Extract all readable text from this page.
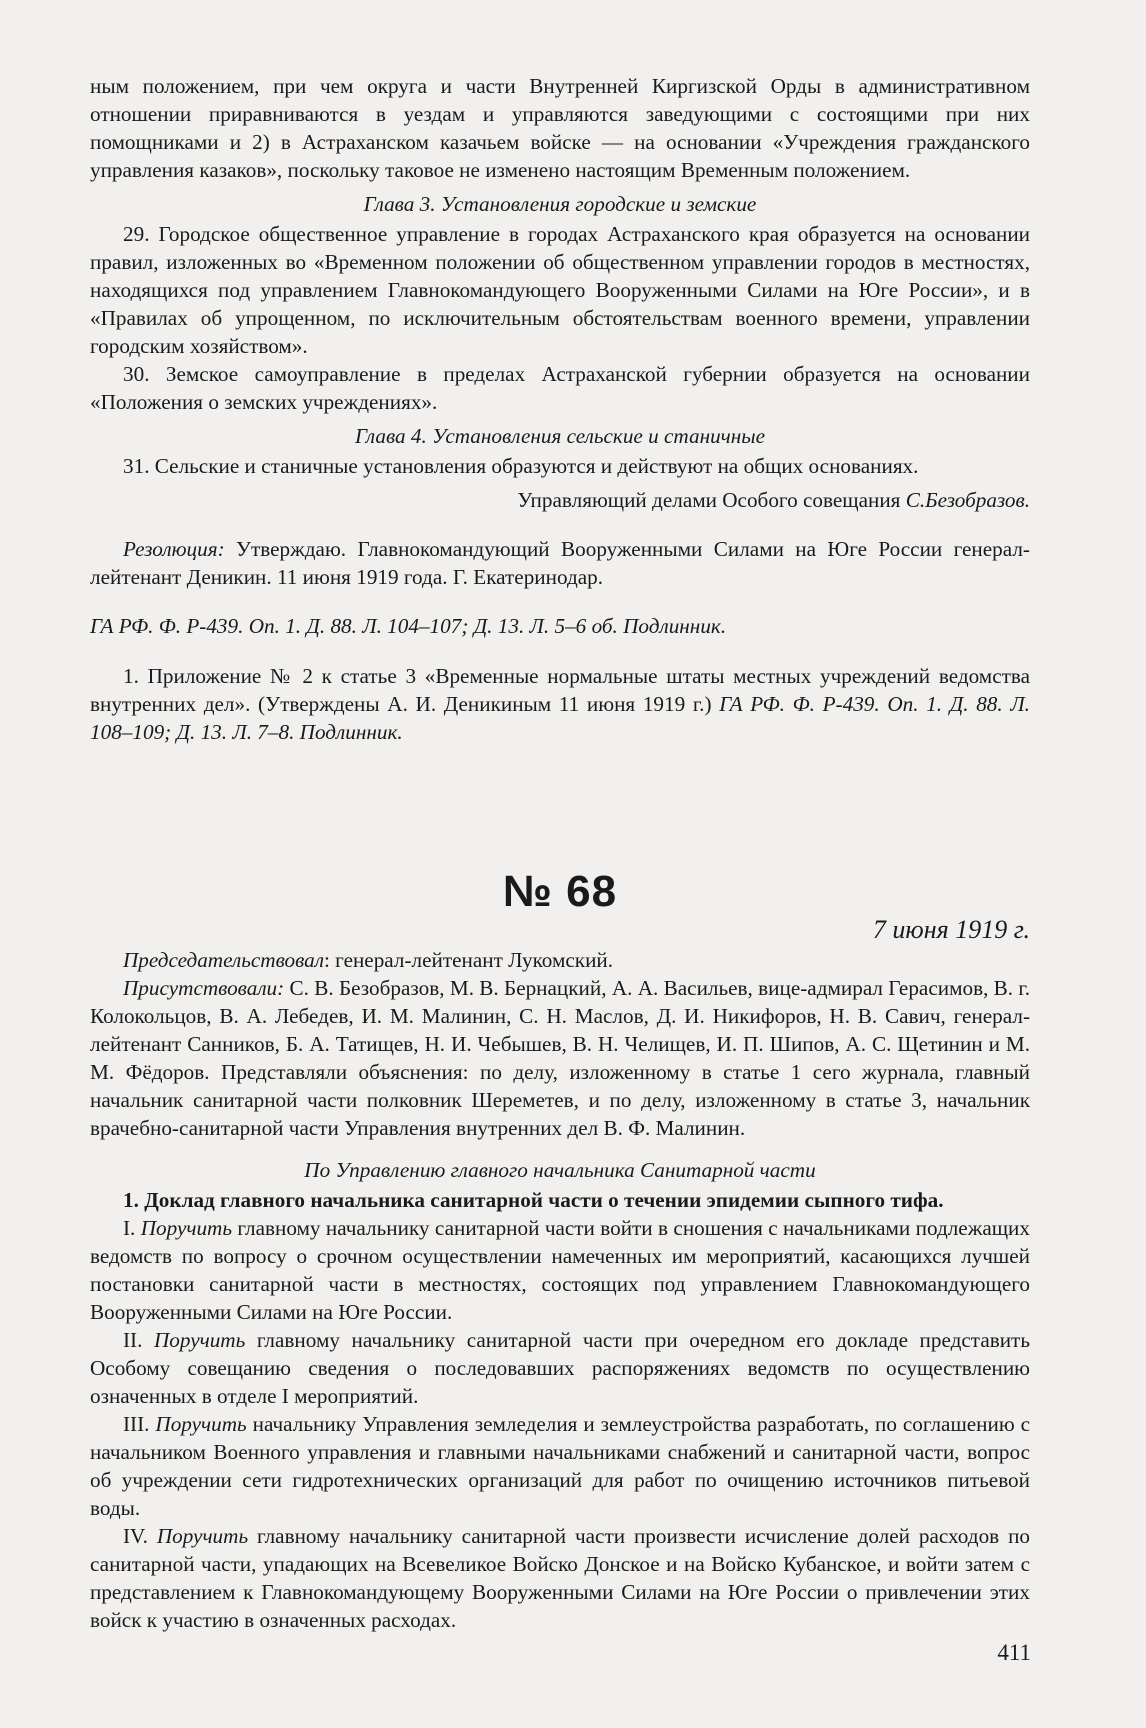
ным положением, при чем округа и части Внутренней Киргизской Орды в административном отношении приравниваются в уездам и управляются заведующими с состоящими при них помощниками и 2) в Астраханском казачьем войске — на основании «Учреждения гражданского управления казаков», поскольку таковое не изменено настоящим Временным положением.

Глава 3. Установления городские и земские

29. Городское общественное управление в городах Астраханского края образуется на основании правил, изложенных во «Временном положении об общественном управлении городов в местностях, находящихся под управлением Главнокомандующего Вооруженными Силами на Юге России», и в «Правилах об упрощенном, по исключительным обстоятельствам военного времени, управлении городским хозяйством».

30. Земское самоуправление в пределах Астраханской губернии образуется на основании «Положения о земских учреждениях».

Глава 4. Установления сельские и станичные

31. Сельские и станичные установления образуются и действуют на общих основаниях.

Управляющий делами Особого совещания С.Безобразов.

Резолюция: Утверждаю. Главнокомандующий Вооруженными Силами на Юге России генерал-лейтенант Деникин. 11 июня 1919 года. Г. Екатеринодар.

ГА РФ. Ф. Р-439. Оп. 1. Д. 88. Л. 104–107; Д. 13. Л. 5–6 об. Подлинник.

1. Приложение № 2 к статье 3 «Временные нормальные штаты местных учреждений ведомства внутренних дел». (Утверждены А. И. Деникиным 11 июня 1919 г.) ГА РФ. Ф. Р-439. Оп. 1. Д. 88. Л. 108–109; Д. 13. Л. 7–8. Подлинник.

№ 68
7 июня 1919 г.

Председательствовал: генерал-лейтенант Лукомский.

Присутствовали: С. В. Безобразов, М. В. Бернацкий, А. А. Васильев, вице-адмирал Герасимов, В. г. Колокольцов, В. А. Лебедев, И. М. Малинин, С. Н. Маслов, Д. И. Никифоров, Н. В. Савич, генерал-лейтенант Санников, Б. А. Татищев, Н. И. Чебышев, В. Н. Челищев, И. П. Шипов, А. С. Щетинин и М. М. Фёдоров. Представляли объяснения: по делу, изложенному в статье 1 сего журнала, главный начальник санитарной части полковник Шереметев, и по делу, изложенному в статье 3, начальник врачебно-санитарной части Управления внутренних дел В. Ф. Малинин.

По Управлению главного начальника Санитарной части

1. Доклад главного начальника санитарной части о течении эпидемии сыпного тифа.

I. Поручить главному начальнику санитарной части войти в сношения с начальниками подлежащих ведомств по вопросу о срочном осуществлении намеченных им мероприятий, касающихся лучшей постановки санитарной части в местностях, состоящих под управлением Главнокомандующего Вооруженными Силами на Юге России.

II. Поручить главному начальнику санитарной части при очередном его докладе представить Особому совещанию сведения о последовавших распоряжениях ведомств по осуществлению означенных в отделе I мероприятий.

III. Поручить начальнику Управления земледелия и землеустройства разработать, по соглашению с начальником Военного управления и главными начальниками снабжений и санитарной части, вопрос об учреждении сети гидротехнических организаций для работ по очищению источников питьевой воды.

IV. Поручить главному начальнику санитарной части произвести исчисление долей расходов по санитарной части, упадающих на Всевеликое Войско Донское и на Войско Кубанское, и войти затем с представлением к Главнокомандующему Вооруженными Силами на Юге России о привлечении этих войск к участию в означенных расходах.

411
